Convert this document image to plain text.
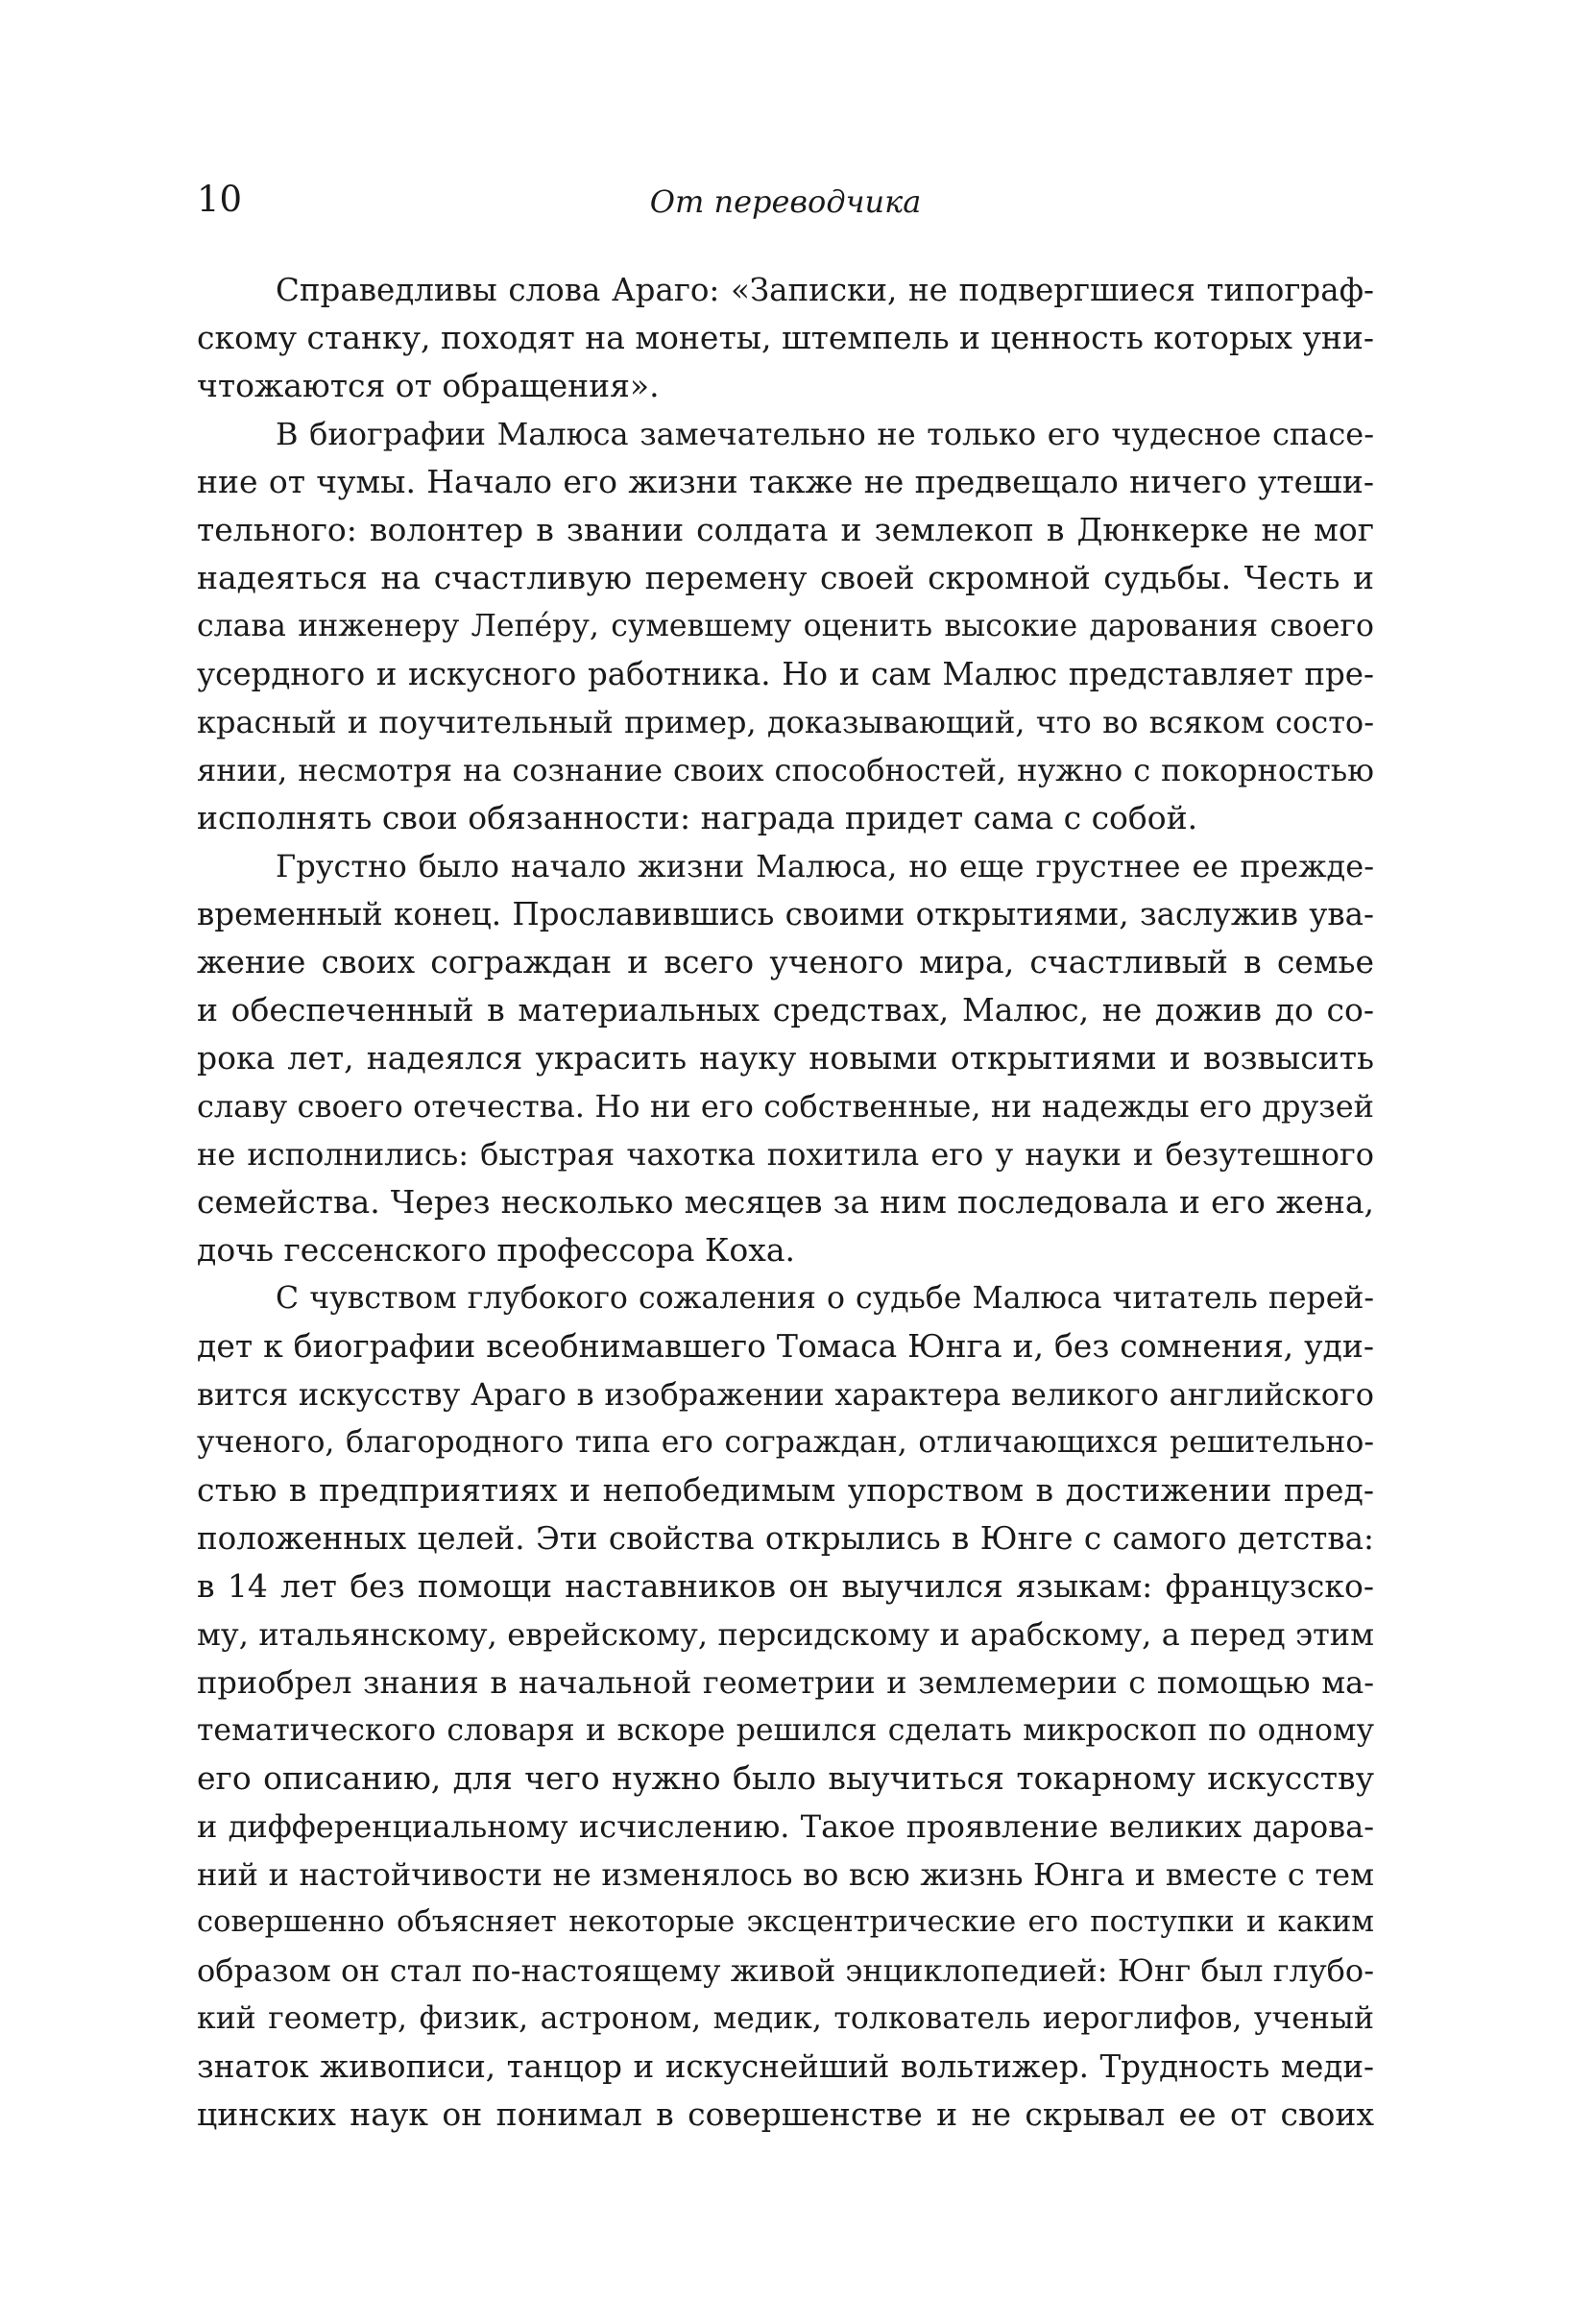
10	От переводчика
Справедливы слова Араго: «Записки, не подвергшиеся типограф-
скому станку, походят на монеты, штемпель и ценность которых уни-
чтожаются от обращения».
В биографии Малюса замечательно не только его чудесное спасе-
ние от чумы. Начало его жизни также не предвещало ничего утеши-
тельного: волонтер в звании солдата и землекоп в Дюнкерке не мог
надеяться на счастливую перемену своей скромной судьбы. Честь и
слава инженеру Лепéру, сумевшему оценить высокие дарования своего
усердного и искусного работника. Но и сам Малюс представляет пре-
красный и поучительный пример, доказывающий, что во всяком состо-
янии, несмотря на сознание своих способностей, нужно с покорностью
исполнять свои обязанности: награда придет сама с собой.
Грустно было начало жизни Малюса, но еще грустнее ее прежде-
временный конец. Прославившись своими открытиями, заслужив ува-
жение своих сограждан и всего ученого мира, счастливый в семье
и обеспеченный в материальных средствах, Малюс, не дожив до со-
рока лет, надеялся украсить науку новыми открытиями и возвысить
славу своего отечества. Но ни его собственные, ни надежды его друзей
не исполнились: быстрая чахотка похитила его у науки и безутешного
семейства. Через несколько месяцев за ним последовала и его жена,
дочь гессенского профессора Коха.
С чувством глубокого сожаления о судьбе Малюса читатель перей-
дет к биографии всеобнимавшего Томаса Юнга и, без сомнения, уди-
вится искусству Араго в изображении характера великого английского
ученого, благородного типа его сограждан, отличающихся решительно-
стью в предприятиях и непобедимым упорством в достижении пред-
положенных целей. Эти свойства открылись в Юнге с самого детства:
в 14 лет без помощи наставников он выучился языкам: французско-
му, итальянскому, еврейскому, персидскому и арабскому, а перед этим
приобрел знания в начальной геометрии и землемерии с помощью ма-
тематического словаря и вскоре решился сделать микроскоп по одному
его описанию, для чего нужно было выучиться токарному искусству
и дифференциальному исчислению. Такое проявление великих дарова-
ний и настойчивости не изменялось во всю жизнь Юнга и вместе с тем
совершенно объясняет некоторые эксцентрические его поступки и каким
образом он стал по-настоящему живой энциклопедией: Юнг был глубо-
кий геометр, физик, астроном, медик, толкователь иероглифов, ученый
знаток живописи, танцор и искуснейший вольтижер. Трудность меди-
цинских наук он понимал в совершенстве и не скрывал ее от своих
